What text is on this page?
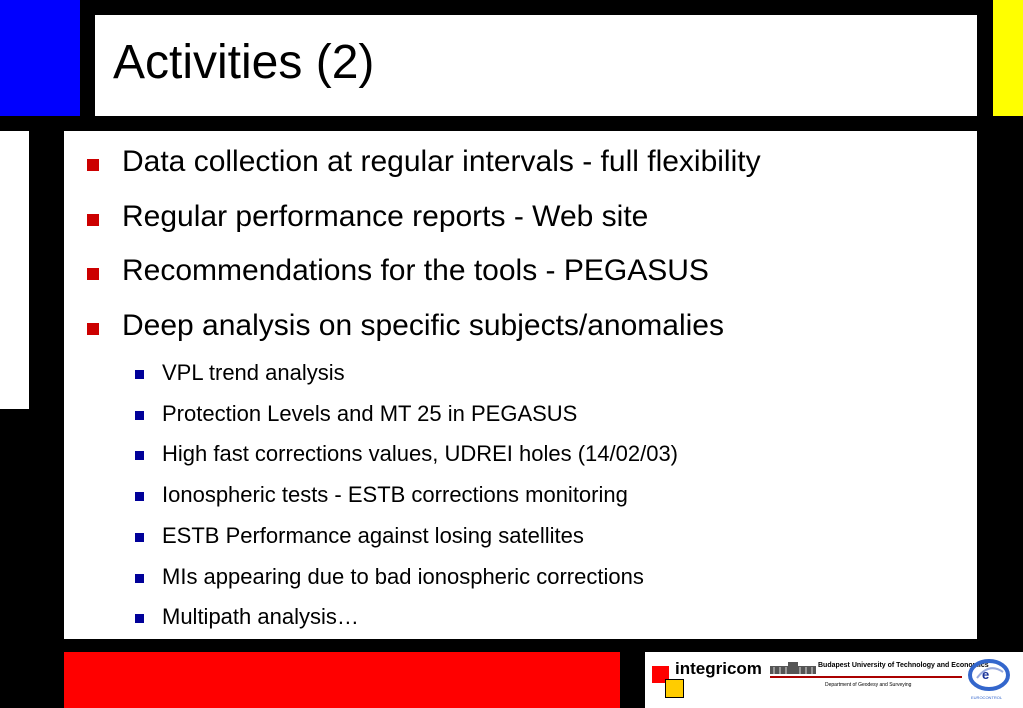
Activities (2)
Data collection at regular intervals - full flexibility
Regular performance reports - Web site
Recommendations for the tools - PEGASUS
Deep analysis on specific subjects/anomalies
VPL trend analysis
Protection Levels and MT 25 in PEGASUS
High fast corrections values, UDREI holes (14/02/03)
Ionospheric tests - ESTB corrections monitoring
ESTB Performance against losing satellites
MIs appearing due to bad ionospheric corrections
Multipath analysis…
integricom	Budapest University of Technology and Economics
Department of Geodesy and Surveying
e
EUROCONTROL
